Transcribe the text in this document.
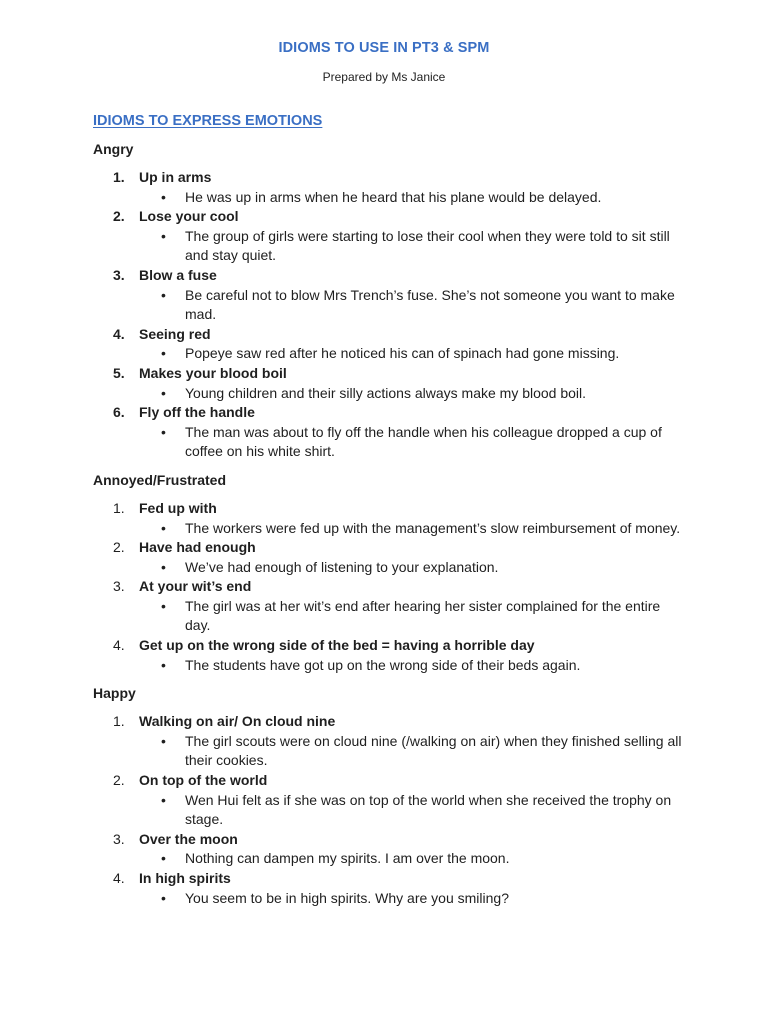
IDIOMS TO USE IN PT3 & SPM
Prepared by Ms Janice
IDIOMS TO EXPRESS EMOTIONS
Angry
1. Up in arms
• He was up in arms when he heard that his plane would be delayed.
2. Lose your cool
• The group of girls were starting to lose their cool when they were told to sit still and stay quiet.
3. Blow a fuse
• Be careful not to blow Mrs Trench’s fuse. She’s not someone you want to make mad.
4. Seeing red
• Popeye saw red after he noticed his can of spinach had gone missing.
5. Makes your blood boil
• Young children and their silly actions always make my blood boil.
6. Fly off the handle
• The man was about to fly off the handle when his colleague dropped a cup of coffee on his white shirt.
Annoyed/Frustrated
1. Fed up with
• The workers were fed up with the management’s slow reimbursement of money.
2. Have had enough
• We’ve had enough of listening to your explanation.
3. At your wit’s end
• The girl was at her wit’s end after hearing her sister complained for the entire day.
4. Get up on the wrong side of the bed = having a horrible day
• The students have got up on the wrong side of their beds again.
Happy
1. Walking on air/ On cloud nine
• The girl scouts were on cloud nine (/walking on air) when they finished selling all their cookies.
2. On top of the world
• Wen Hui felt as if she was on top of the world when she received the trophy on stage.
3. Over the moon
• Nothing can dampen my spirits. I am over the moon.
4. In high spirits
• You seem to be in high spirits. Why are you smiling?
